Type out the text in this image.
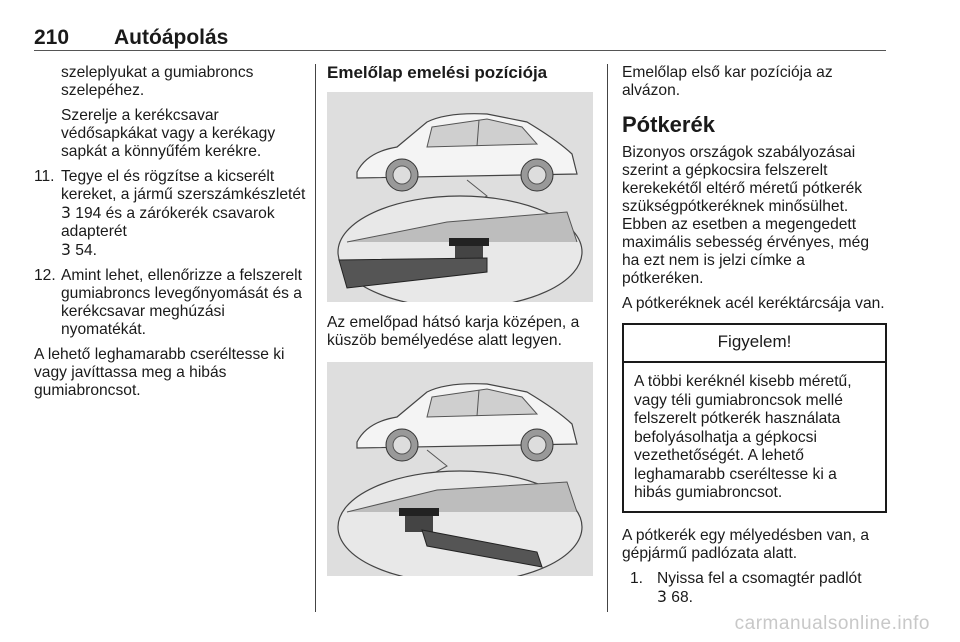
210 Autóápolás

szeleplyukat a gumiabroncs szelepéhez.

Szerelje a kerékcsavar védősapkákat vagy a kerékagy sapkát a könnyűfém kerékre.

11. Tegye el és rögzítse a kicserélt kereket, a jármű szerszámkészletét 3 194 és a zárókerék csavarok adapterét
3 54.
12. Amint lehet, ellenőrizze a felszerelt gumiabroncs levegőnyomását és a kerékcsavar meghúzási nyomatékát.

A lehető leghamarabb cseréltesse ki vagy javíttassa meg a hibás gumiabroncsot.

Emelőlap emelési pozíciója

Az emelőpad hátsó karja középen, a küszöb bemélyedése alatt legyen.

Emelőlap első kar pozíciója az alvázon.

Pótkerék

Bizonyos országok szabályozásai szerint a gépkocsira felszerelt kerekekétől eltérő méretű pótkerék szükségpótkeréknek minősülhet. Ebben az esetben a megengedett maximális sebesség érvényes, még ha ezt nem is jelzi címke a pótkeréken.

A pótkeréknek acél keréktárcsája van.

Figyelem!
A többi keréknél kisebb méretű, vagy téli gumiabroncsok mellé felszerelt pótkerék használata befolyásolhatja a gépkocsi vezethetőségét. A lehető leghamarabb cseréltesse ki a hibás gumiabroncsot.

A pótkerék egy mélyedésben van, a gépjármű padlózata alatt.

1. Nyissa fel a csomagtér padlót
3 68.
carmanualsonline.info
